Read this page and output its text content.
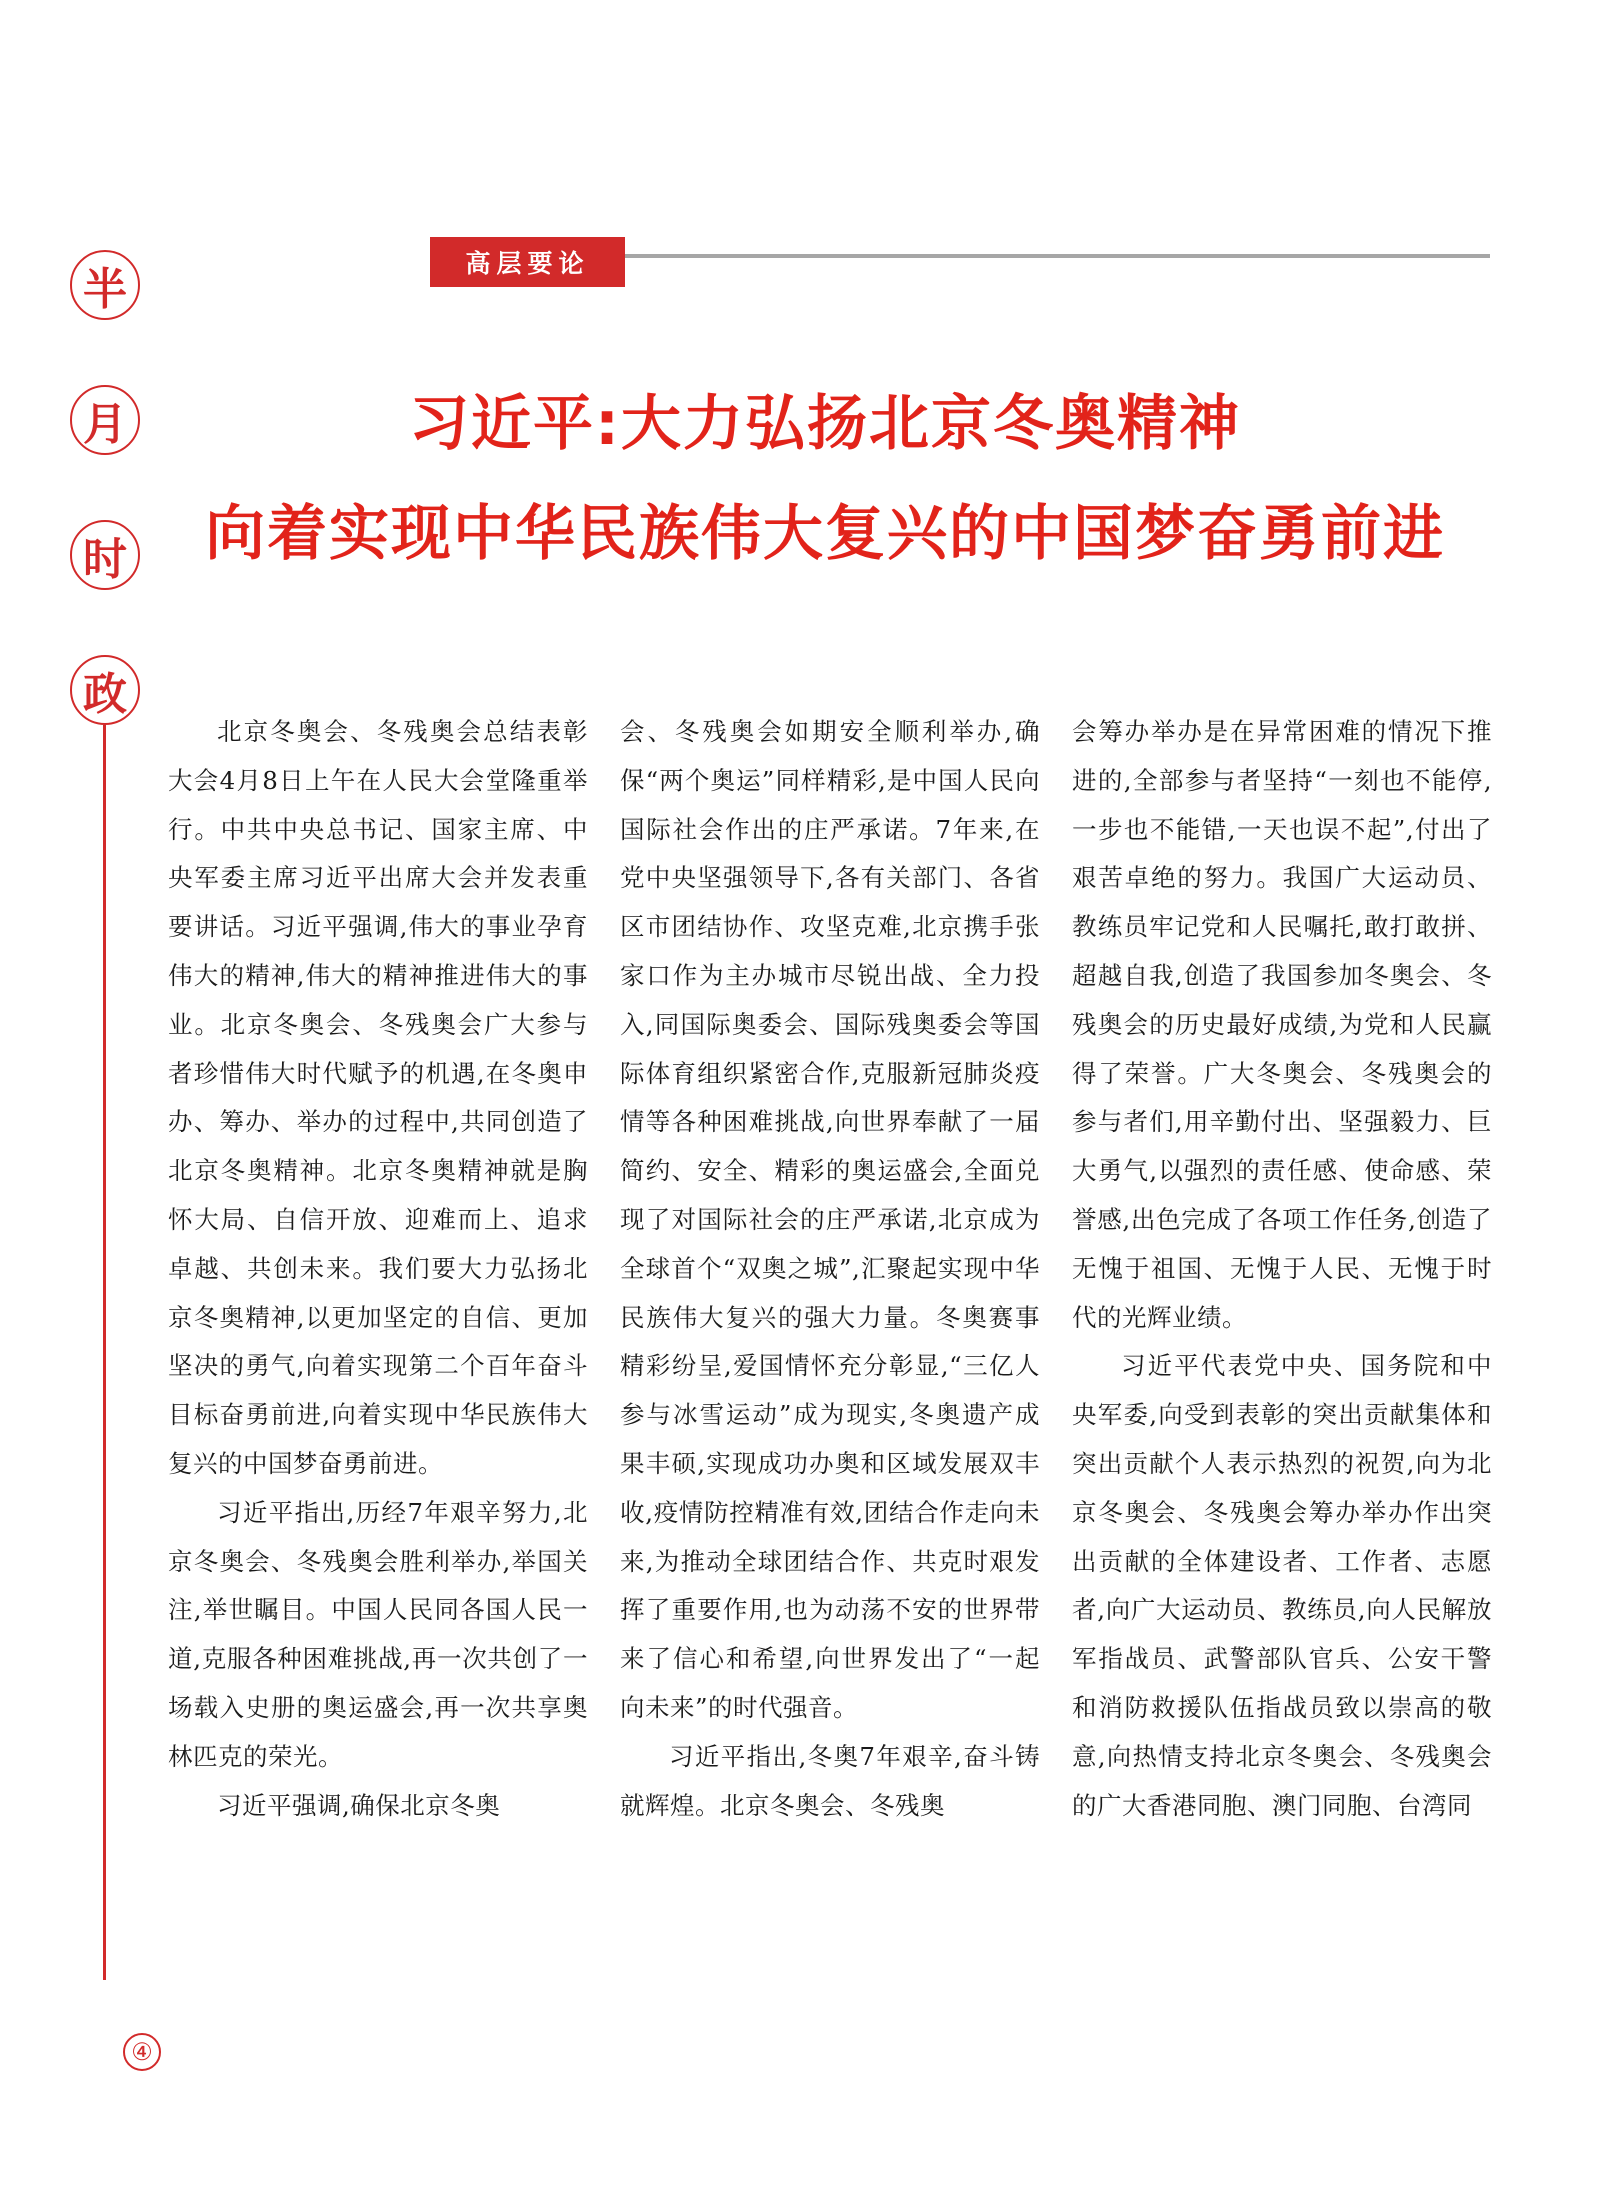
半
月
时
政
高层要论
习近平:大力弘扬北京冬奥精神
向着实现中华民族伟大复兴的中国梦奋勇前进

北京冬奥会、冬残奥会总结表彰大会4月8日上午在人民大会堂隆重举行。中共中央总书记、国家主席、中央军委主席习近平出席大会并发表重要讲话。习近平强调,伟大的事业孕育伟大的精神,伟大的精神推进伟大的事业。北京冬奥会、冬残奥会广大参与者珍惜伟大时代赋予的机遇,在冬奥申办、筹办、举办的过程中,共同创造了北京冬奥精神。北京冬奥精神就是胸怀大局、自信开放、迎难而上、追求卓越、共创未来。我们要大力弘扬北京冬奥精神,以更加坚定的自信、更加坚决的勇气,向着实现第二个百年奋斗目标奋勇前进,向着实现中华民族伟大复兴的中国梦奋勇前进。

习近平指出,历经7年艰辛努力,北京冬奥会、冬残奥会胜利举办,举国关注,举世瞩目。中国人民同各国人民一道,克服各种困难挑战,再一次共创了一场载入史册的奥运盛会,再一次共享奥林匹克的荣光。

习近平强调,确保北京冬奥

会、冬残奥会如期安全顺利举办,确保“两个奥运”同样精彩,是中国人民向国际社会作出的庄严承诺。7年来,在党中央坚强领导下,各有关部门、各省区市团结协作、攻坚克难,北京携手张家口作为主办城市尽锐出战、全力投入,同国际奥委会、国际残奥委会等国际体育组织紧密合作,克服新冠肺炎疫情等各种困难挑战,向世界奉献了一届简约、安全、精彩的奥运盛会,全面兑现了对国际社会的庄严承诺,北京成为全球首个“双奥之城”,汇聚起实现中华民族伟大复兴的强大力量。冬奥赛事精彩纷呈,爱国情怀充分彰显,“三亿人参与冰雪运动”成为现实,冬奥遗产成果丰硕,实现成功办奥和区域发展双丰收,疫情防控精准有效,团结合作走向未来,为推动全球团结合作、共克时艰发挥了重要作用,也为动荡不安的世界带来了信心和希望,向世界发出了“一起向未来”的时代强音。

习近平指出,冬奥7年艰辛,奋斗铸就辉煌。北京冬奥会、冬残奥

会筹办举办是在异常困难的情况下推进的,全部参与者坚持“一刻也不能停,一步也不能错,一天也误不起”,付出了艰苦卓绝的努力。我国广大运动员、教练员牢记党和人民嘱托,敢打敢拼、超越自我,创造了我国参加冬奥会、冬残奥会的历史最好成绩,为党和人民赢得了荣誉。广大冬奥会、冬残奥会的参与者们,用辛勤付出、坚强毅力、巨大勇气,以强烈的责任感、使命感、荣誉感,出色完成了各项工作任务,创造了无愧于祖国、无愧于人民、无愧于时代的光辉业绩。

习近平代表党中央、国务院和中央军委,向受到表彰的突出贡献集体和突出贡献个人表示热烈的祝贺,向为北京冬奥会、冬残奥会筹办举办作出突出贡献的全体建设者、工作者、志愿者,向广大运动员、教练员,向人民解放军指战员、武警部队官兵、公安干警和消防救援队伍指战员致以崇高的敬意,向热情支持北京冬奥会、冬残奥会的广大香港同胞、澳门同胞、台湾同

④
